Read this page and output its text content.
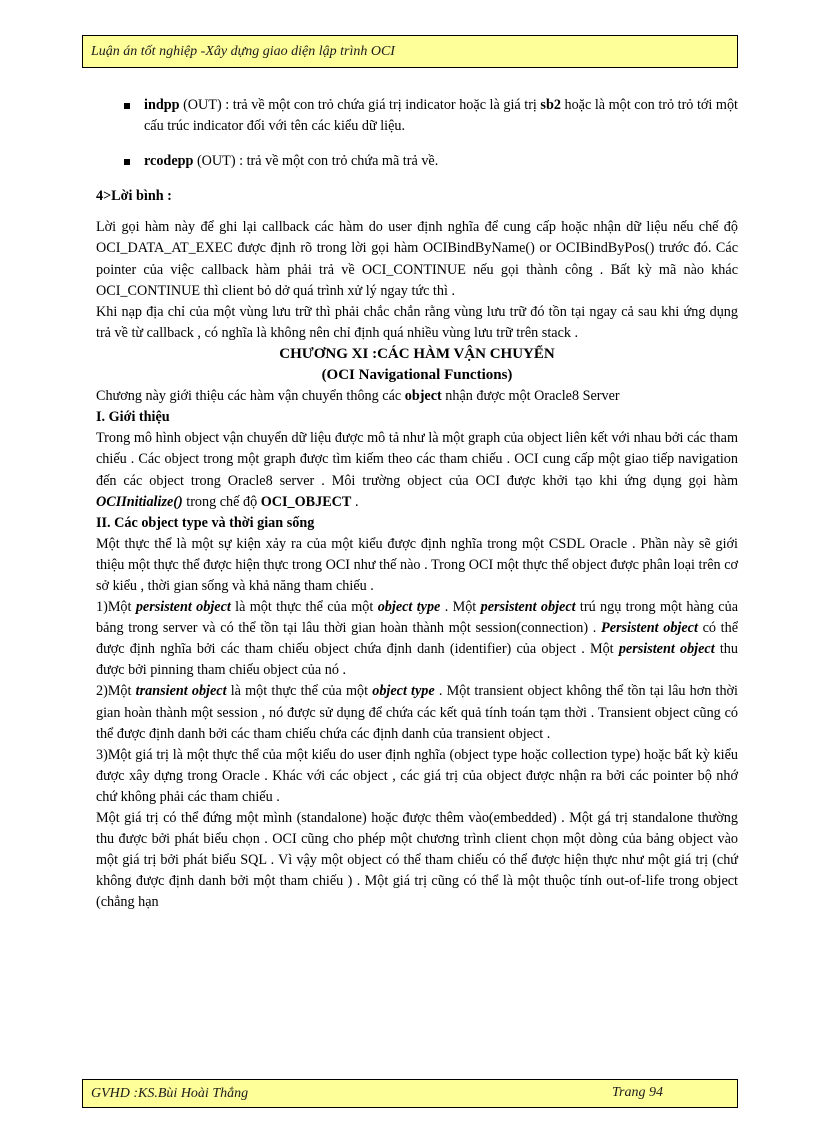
Luận án tốt nghiệp -Xây dựng giao diện lập trình OCI

indpp (OUT) : trả về một con trỏ chứa giá trị indicator hoặc là giá trị sb2 hoặc là một con trỏ trỏ tới một cấu trúc indicator đối với tên các kiểu dữ liệu.

rcodepp (OUT) : trả về một con trỏ chứa mã trả về.

4>Lời bình :

Lời gọi hàm này để ghi lại callback các hàm do user định nghĩa để cung cấp hoặc nhận dữ liệu nếu chế độ OCI_DATA_AT_EXEC được định rõ trong lời gọi hàm OCIBindByName() or OCIBindByPos() trước đó. Các pointer của việc callback hàm phải trả về OCI_CONTINUE nếu gọi thành công . Bất kỳ mã nào khác OCI_CONTINUE thì client bỏ dở quá trình xử lý ngay tức thì .

Khi nạp địa chỉ của một vùng lưu trữ thì phải chắc chắn rằng vùng lưu trữ đó tồn tại ngay cả sau khi ứng dụng trả về từ callback , có nghĩa là không nên chỉ định quá nhiều vùng lưu trữ trên stack .

CHƯƠNG XI :CÁC HÀM VẬN CHUYỂN

(OCI Navigational Functions)

Chương này giới thiệu các hàm vận chuyển thông các object nhận được một Oracle8 Server

I. Giới thiệu

Trong mô hình object vận chuyển dữ liệu được mô tả như là một graph của object liên kết với nhau bởi các tham chiếu . Các object trong một graph được tìm kiếm theo các tham chiếu . OCI cung cấp một giao tiếp navigation đến các object trong Oracle8 server . Môi trường object của OCI được khởi tạo khi ứng dụng gọi hàm OCIInitialize() trong chế độ OCI_OBJECT .

II. Các object type và thời gian sống

Một thực thể là một sự kiện xảy ra của một kiểu được định nghĩa trong một CSDL Oracle . Phần này sẽ giới thiệu một thực thể được hiện thực trong OCI như thế nào . Trong OCI một thực thể object được phân loại trên cơ sở kiểu , thời gian sống và khả năng tham chiếu .

1)Một persistent object là một thực thể của một object type . Một persistent object trú ngụ trong một hàng của bảng trong server và có thể tồn tại lâu thời gian hoàn thành một session(connection) . Persistent object có thể được định nghĩa bởi các tham chiếu object chứa định danh (identifier) của object . Một persistent object thu được bởi pinning tham chiếu object của nó .

2)Một transient object là một thực thể của một object type . Một transient object không thể tồn tại lâu hơn thời gian hoàn thành một session , nó được sử dụng để chứa các kết quả tính toán tạm thời . Transient object cũng có thể được định danh bởi các tham chiếu chứa các định danh của transient object .

3)Một giá trị là một thực thể của một kiểu do user định nghĩa (object type hoặc collection type) hoặc bất kỳ kiểu được xây dựng trong Oracle . Khác với các object , các giá trị của object được nhận ra bởi các pointer bộ nhớ chứ không phải các tham chiếu .

Một giá trị có thể đứng một mình (standalone) hoặc được thêm vào(embedded) . Một gá trị standalone thường thu được bởi phát biểu chọn . OCI cũng cho phép một chương trình client chọn một dòng của bảng object vào một giá trị bởi phát biểu SQL . Vì vậy một object có thể tham chiếu có thể được hiện thực như một giá trị (chứ không được định danh bởi một tham chiếu ) . Một giá trị cũng có thể là một thuộc tính out-of-life trong object (chẳng hạn

GVHD :KS.Bùi Hoài Thắng	Trang 94
